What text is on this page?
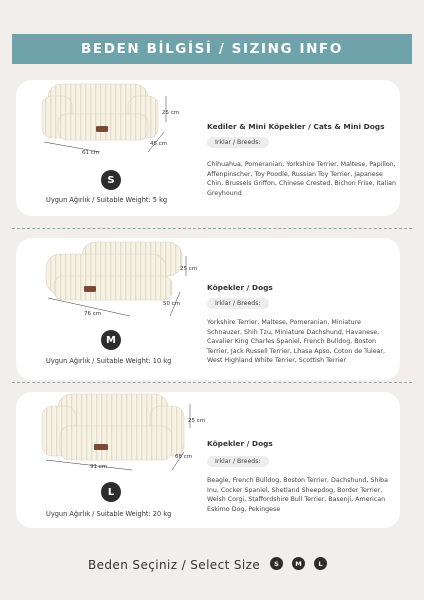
BEDEN BİLGİSİ / SIZING INFO
25 cm
45 cm
61 cm
S
Uygun Ağırlık / Suitable Weight: 5 kg
Kediler & Mini Köpekler / Cats & Mini Dogs
Irklar / Breeds:
Chihuahua, Pomeranian, Yorkshire Terrier, Maltese, Papillon, Affenpinscher, Toy Poodle, Russian Toy Terrier, Japanese Chin, Brussels Griffon, Chinese Crested, Bichon Frise, Italian Greyhound
25 cm
50 cm
76 cm
M
Uygun Ağırlık / Suitable Weight: 10 kg
Köpekler / Dogs
Irklar / Breeds:
Yorkshire Terrier, Maltese, Pomeranian, Miniature Schnauzer, Shih Tzu, Miniature Dachshund, Havanese, Cavalier King Charles Spaniel, French Bulldog, Boston Terrier, Jack Russell Terrier, Lhasa Apso, Coton de Tulear, West Highland White Terrier, Scottish Terrier
25 cm
68 cm
91 cm
L
Uygun Ağırlık / Suitable Weight: 20 kg
Köpekler / Dogs
Irklar / Breeds:
Beagle, French Bulldog, Boston Terrier, Dachshund, Shiba Inu, Cocker Spaniel, Shetland Sheepdog, Border Terrier, Welsh Corgi, Staffordshire Bull Terrier, Basenji, American Eskimo Dog, Pekingese
Beden Seçiniz / Select Size	S	M	L
